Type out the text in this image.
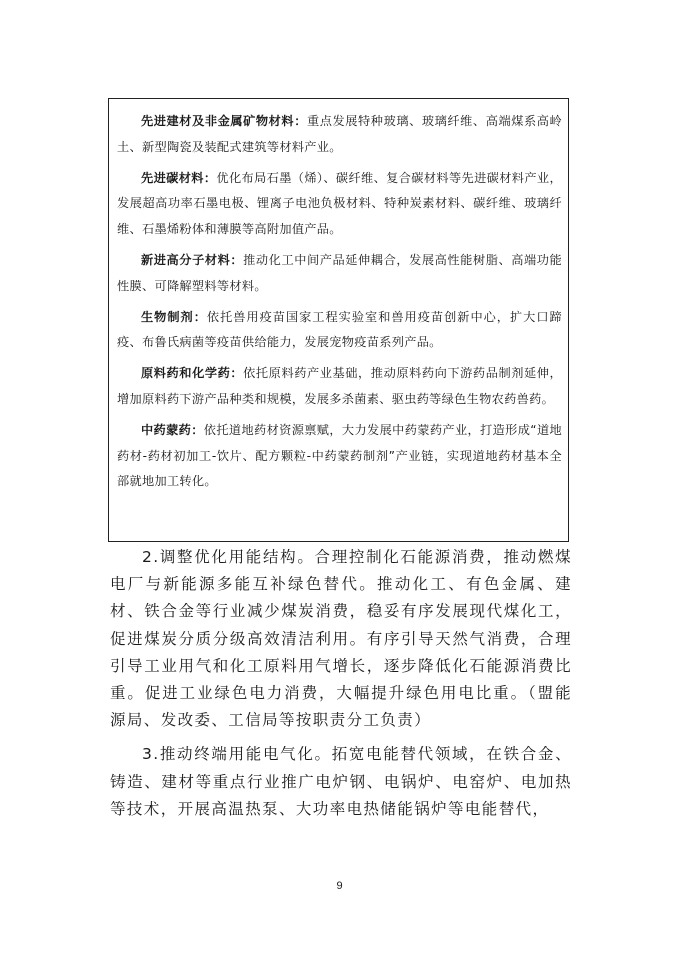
先进建材及非金属矿物材料：重点发展特种玻璃、玻璃纤维、高端煤系高岭土、新型陶瓷及装配式建筑等材料产业。

先进碳材料：优化布局石墨（烯）、碳纤维、复合碳材料等先进碳材料产业，发展超高功率石墨电极、锂离子电池负极材料、特种炭素材料、碳纤维、玻璃纤维、石墨烯粉体和薄膜等高附加值产品。

新进高分子材料：推动化工中间产品延伸耦合，发展高性能树脂、高端功能性膜、可降解塑料等材料。

生物制剂：依托兽用疫苗国家工程实验室和兽用疫苗创新中心，扩大口蹄疫、布鲁氏病菌等疫苗供给能力，发展宠物疫苗系列产品。

原料药和化学药：依托原料药产业基础，推动原料药向下游药品制剂延伸，增加原料药下游产品种类和规模，发展多杀菌素、驱虫药等绿色生物农药兽药。

中药蒙药：依托道地药材资源禀赋，大力发展中药蒙药产业，打造形成“道地药材-药材初加工-饮片、配方颗粒-中药蒙药制剂”产业链，实现道地药材基本全部就地加工转化。

2.调整优化用能结构。合理控制化石能源消费，推动燃煤电厂与新能源多能互补绿色替代。推动化工、有色金属、建材、铁合金等行业减少煤炭消费，稳妥有序发展现代煤化工，促进煤炭分质分级高效清洁利用。有序引导天然气消费，合理引导工业用气和化工原料用气增长，逐步降低化石能源消费比重。促进工业绿色电力消费，大幅提升绿色用电比重。（盟能源局、发改委、工信局等按职责分工负责）

3.推动终端用能电气化。拓宽电能替代领域，在铁合金、铸造、建材等重点行业推广电炉钢、电锅炉、电窑炉、电加热等技术，开展高温热泵、大功率电热储能锅炉等电能替代，

9
